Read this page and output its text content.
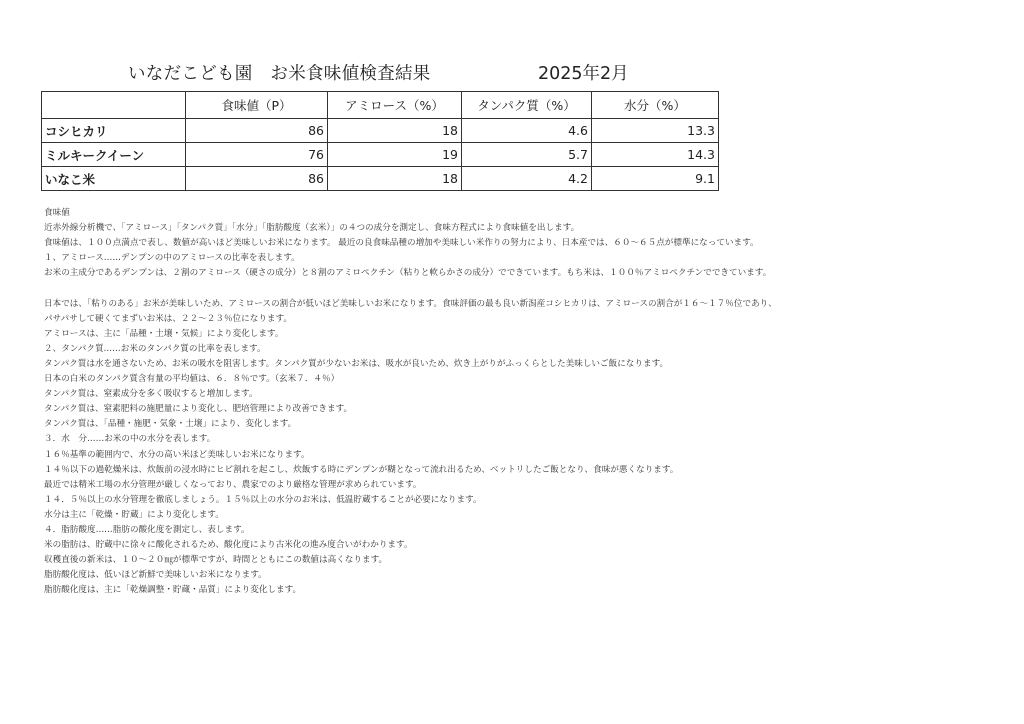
いなだこども園　お米食味値検査結果	2025年2月
	食味値（P）	アミロース（%）	タンパク質（%）	水分（%）
コシヒカリ	86	18	4.6	13.3
ミルキークイーン	76	19	5.7	14.3
いなこ米	86	18	4.2	9.1

食味値

近赤外線分析機で、「アミロース」「タンパク質」「水分」「脂肪酸度（玄米）」の４つの成分を測定し、食味方程式により食味値を出します。

食味値は、１００点満点で表し、数値が高いほど美味しいお米になります。 最近の良食味品種の増加や美味しい米作りの努力により、日本産では、６０～６５点が標準になっています。

１、アミロース……デンプンの中のアミロースの比率を表します。

お米の主成分であるデンプンは、２割のアミロース（硬さの成分）と８割のアミロペクチン（粘りと軟らかさの成分）でできています。もち米は、１００％アミロペクチンでできています。

日本では、「粘りのある」お米が美味しいため、アミロースの割合が低いほど美味しいお米になります。食味評価の最も良い新潟産コシヒカリは、アミロースの割合が１６～１７％位であり、

パサパサして硬くてまずいお米は、２２～２３％位になります。

アミロースは、主に「品種・土壌・気候」により変化します。

２、タンパク質……お米のタンパク質の比率を表します。

タンパク質は水を通さないため、お米の吸水を阻害します。タンパク質が少ないお米は、吸水が良いため、炊き上がりがふっくらとした美味しいご飯になります。

日本の白米のタンパク質含有量の平均値は、６．８％です。（玄米７．４％）

タンパク質は、窒素成分を多く吸収すると増加します。

タンパク質は、窒素肥料の施肥量により変化し、肥培管理により改善できます。

タンパク質は、「品種・施肥・気象・土壌」により、変化します。

３．水　分……お米の中の水分を表します。

１６％基準の範囲内で、水分の高い米ほど美味しいお米になります。

１４％以下の過乾燥米は、炊飯前の浸水時にヒビ割れを起こし、炊飯する時にデンプンが糊となって流れ出るため、ベットリしたご飯となり、食味が悪くなります。

最近では精米工場の水分管理が厳しくなっており、農家でのより厳格な管理が求められています。

１４．５％以上の水分管理を徹底しましょう。１５％以上の水分のお米は、低温貯蔵することが必要になります。

水分は主に「乾燥・貯蔵」により変化します。

４．脂肪酸度……脂肪の酸化度を測定し、表します。

米の脂肪は、貯蔵中に徐々に酸化されるため、酸化度により古米化の進み度合いがわかります。

収穫直後の新米は、１０～２０㎎が標準ですが、時間とともにこの数値は高くなります。

脂肪酸化度は、低いほど新鮮で美味しいお米になります。

脂肪酸化度は、主に「乾燥調整・貯蔵・品質」により変化します。
